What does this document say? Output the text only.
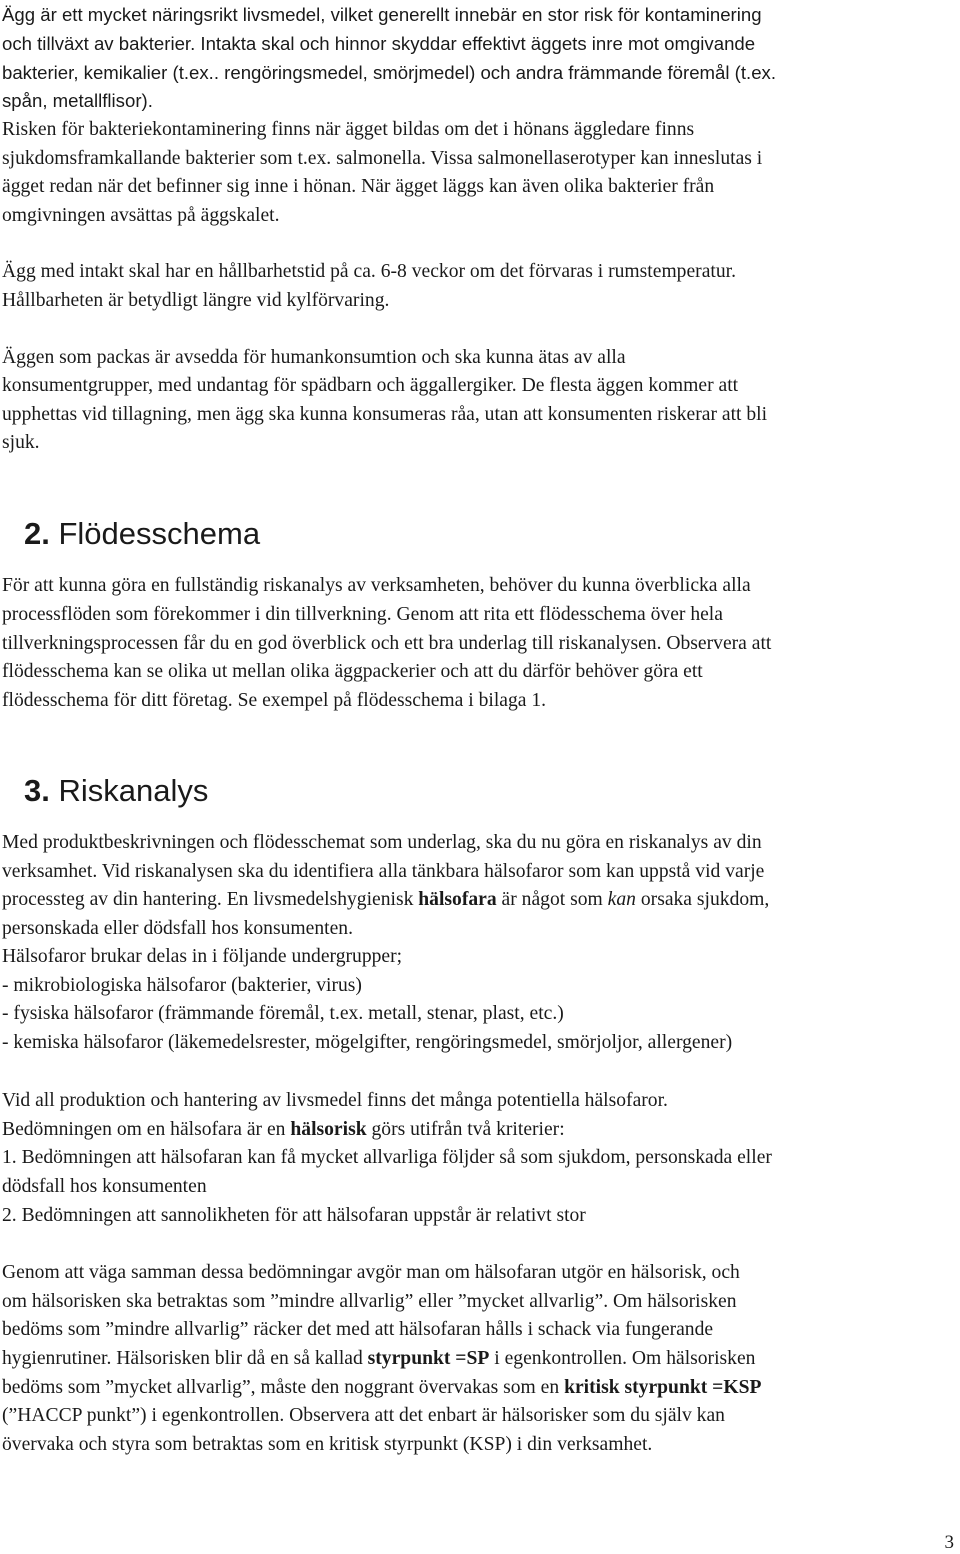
Ägg är ett mycket näringsrikt livsmedel, vilket generellt innebär en stor risk för kontaminering

och tillväxt av bakterier. Intakta skal och hinnor skyddar effektivt äggets inre mot omgivande

bakterier, kemikalier (t.ex.. rengöringsmedel, smörjmedel) och andra främmande föremål (t.ex.

spån, metallflisor).

Risken för bakteriekontaminering finns när ägget bildas om det i hönans äggledare finns

sjukdomsframkallande bakterier som t.ex. salmonella. Vissa salmonellaserotyper kan inneslutas i

ägget redan när det befinner sig inne i hönan. När ägget läggs kan även olika bakterier från

omgivningen avsättas på äggskalet.

Ägg med intakt skal har en hållbarhetstid på ca. 6-8 veckor om det förvaras i rumstemperatur.

Hållbarheten är betydligt längre vid kylförvaring.

Äggen som packas är avsedda för humankonsumtion och ska kunna ätas av alla

konsumentgrupper, med undantag för spädbarn och äggallergiker. De flesta äggen kommer att

upphettas vid tillagning, men ägg ska kunna konsumeras råa, utan att konsumenten riskerar att bli

sjuk.

2. Flödesschema

För att kunna göra en fullständig riskanalys av verksamheten, behöver du kunna överblicka alla

processflöden som förekommer i din tillverkning. Genom att rita ett flödesschema över hela

tillverkningsprocessen får du en god överblick och ett bra underlag till riskanalysen. Observera att

flödesschema kan se olika ut mellan olika äggpackerier och att du därför behöver göra ett

flödesschema för ditt företag. Se exempel på flödesschema i bilaga 1.

3. Riskanalys

Med produktbeskrivningen och flödesschemat som underlag, ska du nu göra en riskanalys av din

verksamhet. Vid riskanalysen ska du identifiera alla tänkbara hälsofaror som kan uppstå vid varje

processteg av din hantering. En livsmedelshygienisk hälsofara är något som kan orsaka sjukdom,

personskada eller dödsfall hos konsumenten.

Hälsofaror brukar delas in i följande undergrupper;

- mikrobiologiska hälsofaror (bakterier, virus)

- fysiska hälsofaror (främmande föremål, t.ex. metall, stenar, plast, etc.)

- kemiska hälsofaror (läkemedelsrester, mögelgifter, rengöringsmedel, smörjoljor, allergener)

Vid all produktion och hantering av livsmedel finns det många potentiella hälsofaror.

Bedömningen om en hälsofara är en hälsorisk görs utifrån två kriterier:

1. Bedömningen att hälsofaran kan få mycket allvarliga följder så som sjukdom, personskada eller

dödsfall hos konsumenten

2. Bedömningen att sannolikheten för att hälsofaran uppstår är relativt stor

Genom att väga samman dessa bedömningar avgör man om hälsofaran utgör en hälsorisk, och

om hälsorisken ska betraktas som ”mindre allvarlig” eller ”mycket allvarlig”. Om hälsorisken

bedöms som ”mindre allvarlig” räcker det med att hälsofaran hålls i schack via fungerande

hygienrutiner. Hälsorisken blir då en så kallad styrpunkt =SP i egenkontrollen. Om hälsorisken

bedöms som ”mycket allvarlig”, måste den noggrant övervakas som en kritisk styrpunkt =KSP

(”HACCP punkt”) i egenkontrollen. Observera att det enbart är hälsorisker som du själv kan

övervaka och styra som betraktas som en kritisk styrpunkt (KSP) i din verksamhet.

3
